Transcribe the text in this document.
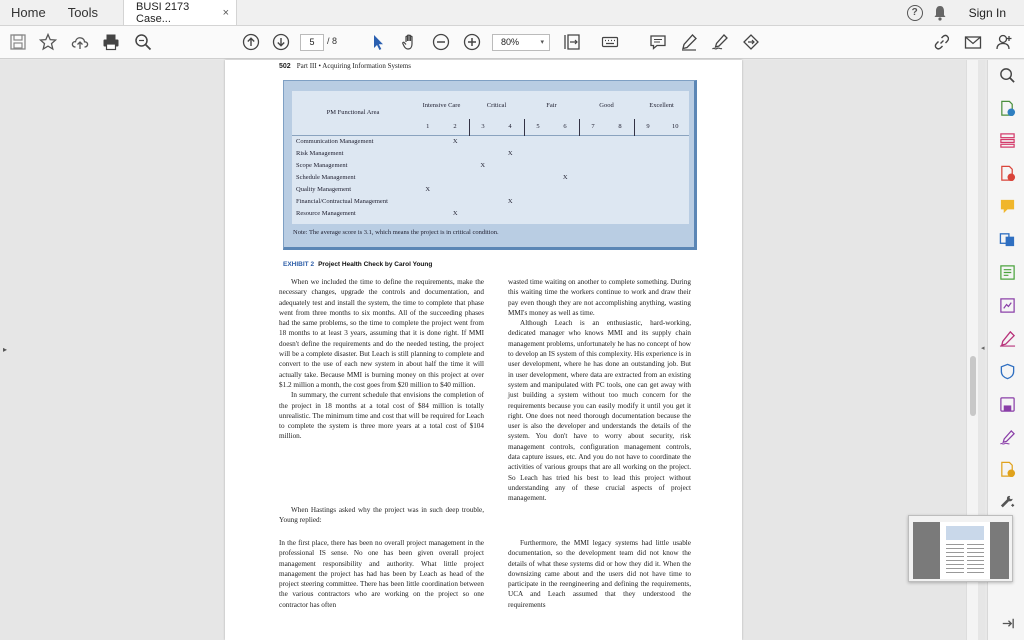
Home	Tools	BUSI 2173 Case...	×	?	Sign In
5	/ 8	80%	▾
▸
502 Part III • Acquiring Information Systems
PM Functional Area	Intensive Care		Critical		Fair		Good		Excellent	
	1	2	3	4	5	6	7	8	9	10
Communication Management		X								
Risk Management				X						
Scope Management			X							
Schedule Management						X				
Quality Management	X									
Financial/Contractual Management				X						
Resource Management		X								
Note: The average score is 3.1, which means the project is in critical condition.
EXHIBIT 2 Project Health Check by Carol Young

When we included the time to define the requirements, make the necessary changes, upgrade the controls and documentation, and adequately test and install the system, the time to complete that phase went from three months to six months. All of the succeeding phases had the same problems, so the time to complete the project went from 18 months to at least 3 years, assuming that it is done right. If MMI doesn't define the requirements and do the needed testing, the project will be a complete disaster. But Leach is still planning to complete and convert to the use of each new system in about half the time it will actually take. Because MMI is burning money on this project at over $1.2 million a month, the cost goes from $20 million to $40 million.

In summary, the current schedule that envisions the completion of the project in 18 months at a total cost of $84 million is totally unrealistic. The minimum time and cost that will be required for Leach to complete the system is three more years at a total cost of $104 million.

When Hastings asked why the project was in such deep trouble, Young replied:

In the first place, there has been no overall project management in the professional IS sense. No one has been given overall project management responsibility and authority. What little project management the project has had has been by Leach as head of the project steering committee. There has been little coordination between the various contractors who are working on the project so one contractor has often

wasted time waiting on another to complete something. During this waiting time the workers continue to work and draw their pay even though they are not accomplishing anything, wasting MMI's money as well as time.

Although Leach is an enthusiastic, hard-working, dedicated manager who knows MMI and its supply chain management problems, unfortunately he has no concept of how to develop an IS system of this complexity. His experience is in user development, where he has done an outstanding job. But in user development, where data are extracted from an existing system and manipulated with PC tools, one can get away with just building a system without too much concern for the requirements because you can easily modify it until you get it right. One does not need thorough documentation because the user is also the developer and understands the details of the system. You don't have to worry about security, risk management controls, configuration management controls, data capture issues, etc. And you do not have to coordinate the activities of various groups that are all working on the project. So Leach has tried his best to lead this project without understanding any of these crucial aspects of project management.

Furthermore, the MMI legacy systems had little usable documentation, so the development team did not know the details of what these systems did or how they did it. When the downsizing came about and the users did not have time to participate in the reengineering and defining the requirements, UCA and Leach assumed that they understood the requirements

◂
